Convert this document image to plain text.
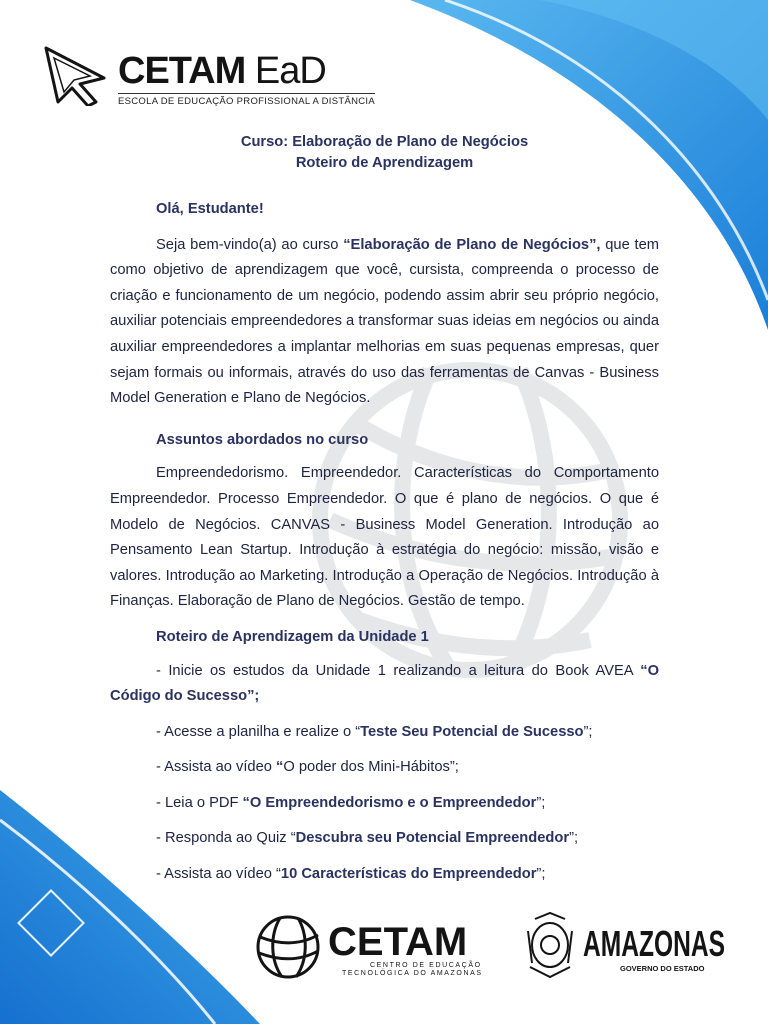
CETAM EaD
ESCOLA DE EDUCAÇÃO PROFISSIONAL A DISTÂNCIA

Curso: Elaboração de Plano de Negócios

Roteiro de Aprendizagem

Olá, Estudante!

Seja bem-vindo(a) ao curso “Elaboração de Plano de Negócios”, que tem como objetivo de aprendizagem que você, cursista, compreenda o processo de criação e funcionamento de um negócio, podendo assim abrir seu próprio negócio, auxiliar potenciais empreendedores a transformar suas ideias em negócios ou ainda auxiliar empreendedores a implantar melhorias em suas pequenas empresas, quer sejam formais ou informais, através do uso das ferramentas de Canvas - Business Model Generation e Plano de Negócios.

Assuntos abordados no curso

Empreendedorismo. Empreendedor. Características do Comportamento Empreendedor. Processo Empreendedor. O que é plano de negócios. O que é Modelo de Negócios. CANVAS - Business Model Generation. Introdução ao Pensamento Lean Startup. Introdução à estratégia do negócio: missão, visão e valores. Introdução ao Marketing. Introdução a Operação de Negócios. Introdução à Finanças. Elaboração de Plano de Negócios. Gestão de tempo.

Roteiro de Aprendizagem da Unidade 1

- Inicie os estudos da Unidade 1 realizando a leitura do Book AVEA “O Código do Sucesso”;

- Acesse a planilha e realize o “Teste Seu Potencial de Sucesso”;

- Assista ao vídeo “O poder dos Mini-Hábitos”;

- Leia o PDF “O Empreendedorismo e o Empreendedor”;

- Responda ao Quiz “Descubra seu Potencial Empreendedor”;

- Assista ao vídeo “10 Características do Empreendedor”;

CETAM
CENTRO DE EDUCAÇÃO
TECNOLÓGICA DO AMAZONAS
AMAZONAS
GOVERNO DO ESTADO
